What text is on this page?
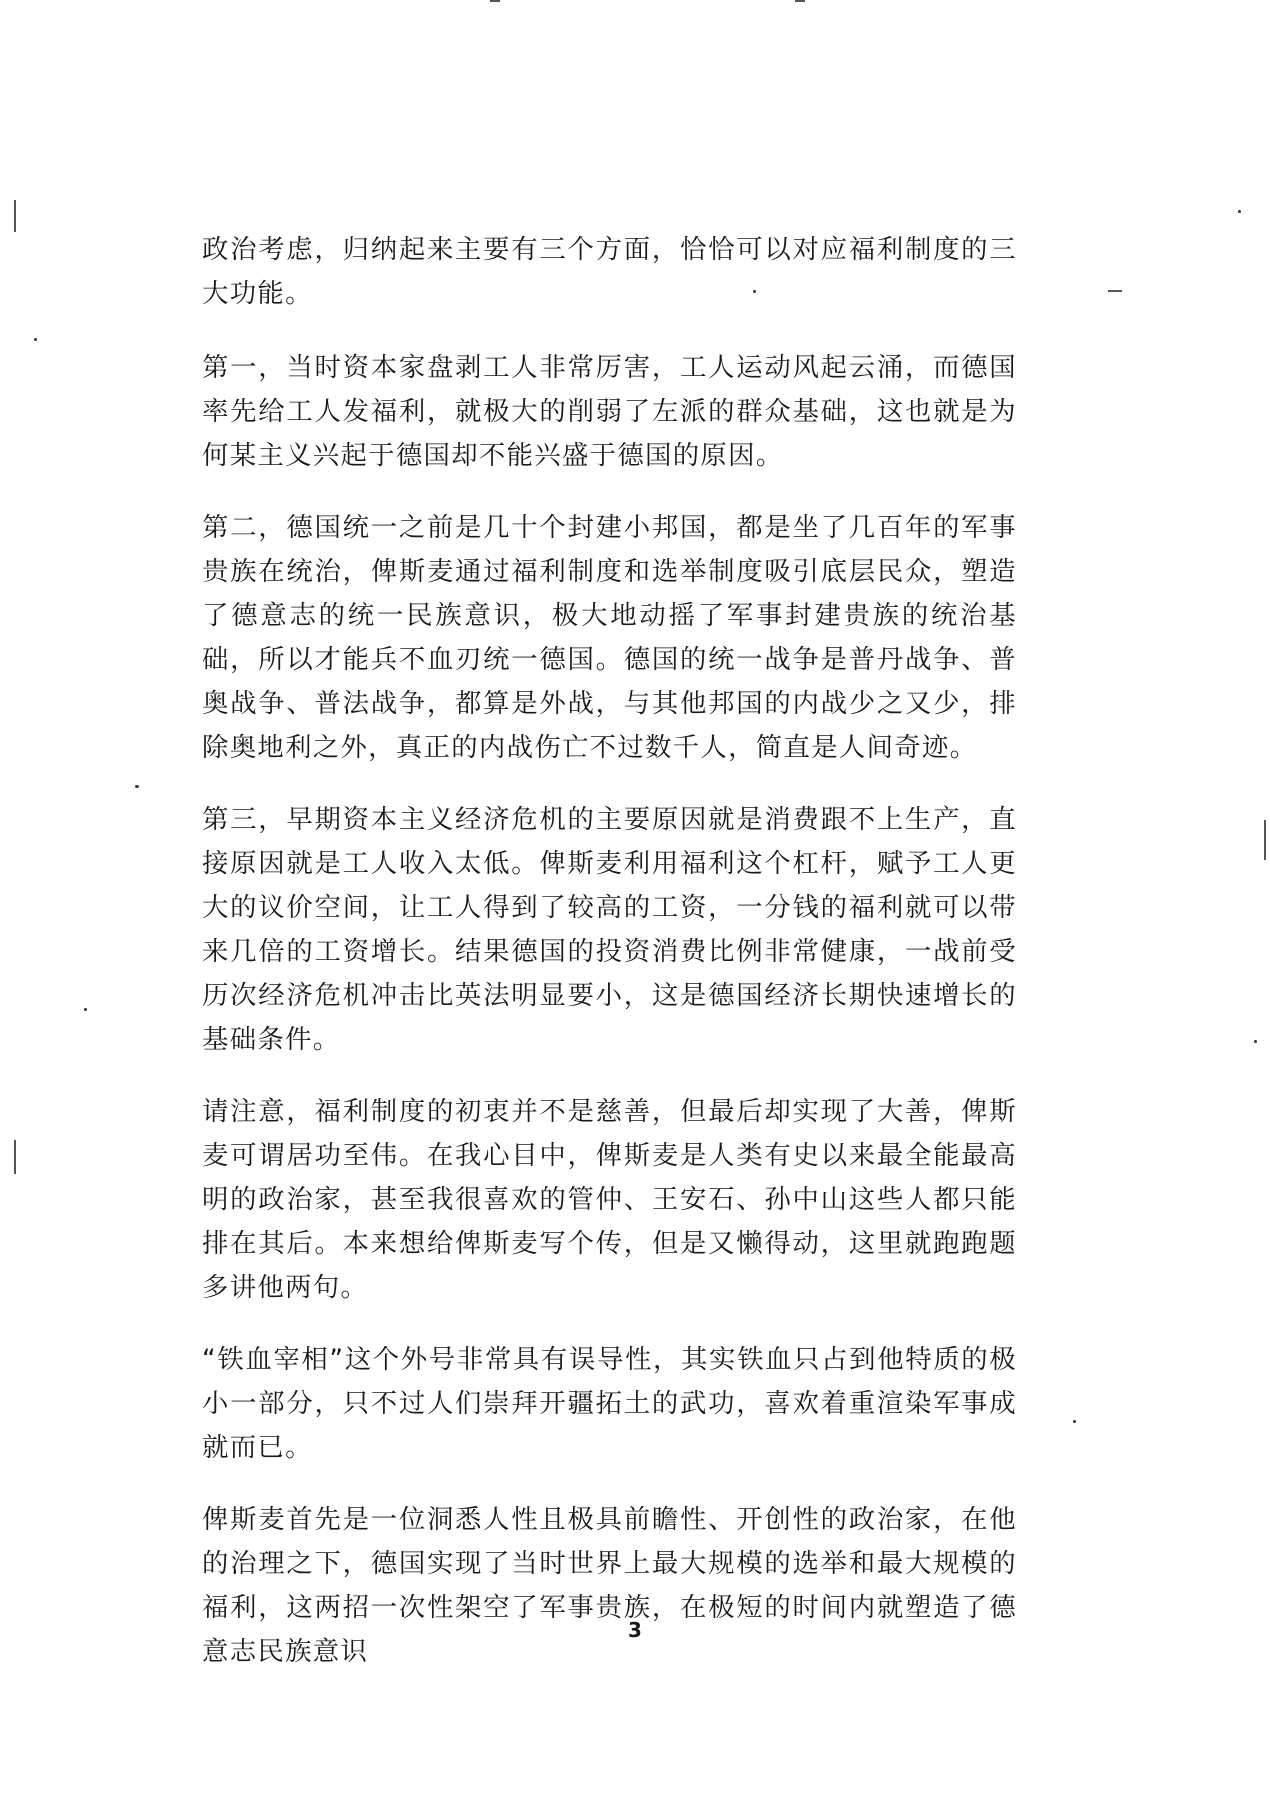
政治考虑，归纳起来主要有三个方面，恰恰可以对应福利制度的三大功能。

第一，当时资本家盘剥工人非常厉害，工人运动风起云涌，而德国率先给工人发福利，就极大的削弱了左派的群众基础，这也就是为何某主义兴起于德国却不能兴盛于德国的原因。

第二，德国统一之前是几十个封建小邦国，都是坐了几百年的军事贵族在统治，俾斯麦通过福利制度和选举制度吸引底层民众，塑造了德意志的统一民族意识，极大地动摇了军事封建贵族的统治基础，所以才能兵不血刃统一德国。德国的统一战争是普丹战争、普奥战争、普法战争，都算是外战，与其他邦国的内战少之又少，排除奥地利之外，真正的内战伤亡不过数千人，简直是人间奇迹。

第三，早期资本主义经济危机的主要原因就是消费跟不上生产，直接原因就是工人收入太低。俾斯麦利用福利这个杠杆，赋予工人更大的议价空间，让工人得到了较高的工资，一分钱的福利就可以带来几倍的工资增长。结果德国的投资消费比例非常健康，一战前受历次经济危机冲击比英法明显要小，这是德国经济长期快速增长的基础条件。

请注意，福利制度的初衷并不是慈善，但最后却实现了大善，俾斯麦可谓居功至伟。在我心目中，俾斯麦是人类有史以来最全能最高明的政治家，甚至我很喜欢的管仲、王安石、孙中山这些人都只能排在其后。本来想给俾斯麦写个传，但是又懒得动，这里就跑跑题多讲他两句。

“铁血宰相”这个外号非常具有误导性，其实铁血只占到他特质的极小一部分，只不过人们崇拜开疆拓土的武功，喜欢着重渲染军事成就而已。

俾斯麦首先是一位洞悉人性且极具前瞻性、开创性的政治家，在他的治理之下，德国实现了当时世界上最大规模的选举和最大规模的福利，这两招一次性架空了军事贵族，在极短的时间内就塑造了德意志民族意识

3
